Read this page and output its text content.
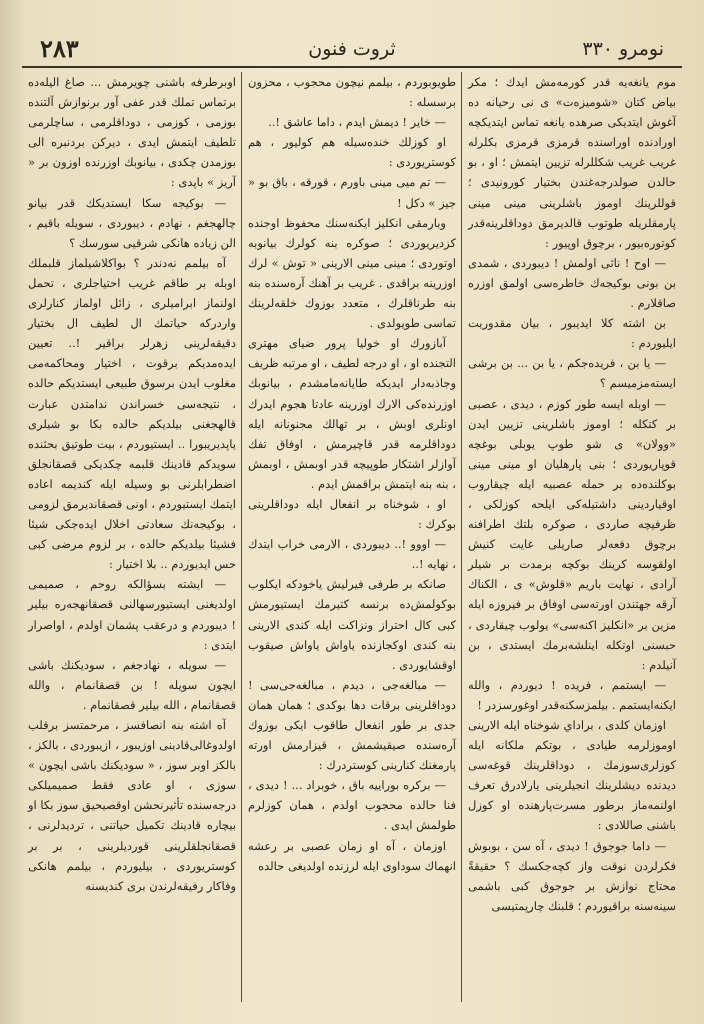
نومرو ٣٣٠
ثروت فنون
٢٨٣

موم یانغه‌یه قدر کورمه‌مش ایدك ؛ مکر بیاض کتان «شومیزه‌ت» ی نی رحیانه ده آغوش ایتدیکی صرهده یانغه تماس ایتدیکچه اورادنده اوراسنده قرمزی قرمزی بکلرله غریب غریب شکللرله تزیین ایتمش ؛ او ، بو حالدن صولدرجه‌غندن بختیار کورونیدی ؛ قوللرینك اوموز باشلرینی مینی مینی پارمقلریله طوتوب قالدیرمق دوداقلرینه‌قدر کوتوره‌بیور ، برچوق اوپیور :

— اوح ! ناثی اولمش ! دیبوردی ، شمدی بن بونی بوکیجه‌ك خاطره‌سی اولمق اوزره صاقلارم .

بن اشته کلا ایدیبور ، بیان مقدوریت ایلیوردم :

— یا بن ، فریده‌جکم ، یا بن ... بن برشی ایسته‌مزمیسم ؟

— اوبله ایسه طور کوزم ، دیدی ، عصبی بر کتکله ؛ اوموز باشلرینی تزیین ایدن «وولان» ی شو طوپ یوبلی بوغچه قوپاریوردی ؛ بنی پارهلیان او مینی مینی بوکلنده‌ده بر حمله عصبیه ایله چیقاروب اوقیاردینی داشتیله‌کی ایلحه کوزلکی ، ظرفیچه صاردی ، صوکره بلتك اطرافنه برچوق دفعه‌لر صاریلی غایت کنیش اولقوسه کرینك بوکچه برمدت بر شیلر آرادی ، نهایت باریم «قلوش» ی ، الکناك آرقه جهتندن اورته‌سی اوفاق بر فیروزه ایله مزین بر «انکلیز اکنه‌سی» یولوب چیقاردی ، حبسنی اوتکله اینلشه‌برمك ایستدی ، بن آنیلدم :

— ایستمم ، فریده ! دیوردم ، والله ایکنه‌ایستمم . بیلمزسکنه‌قدر اوغورسزدر !

اوزمان کلدی ، براداي شوخناه ایله الارینی اوموزلرمه طیادی ، بوتکم ملکانه ایله کوزلری‌سوزمك ، دوداقلرینك قوغه‌سی دیدنده دیشلرینك انجیلرینی یارلادرق تعرف اولنمه‌ماز برطور مسرت‌پارهنده او کوزل باشنی صاللادی :

— داما جوجوق ! دیدی ، آه سن ، بوبوش فکرلردن نوقت واز کچه‌جکسك ؟ حقیقةً محتاج نوازش بر جوجوق کبی باشمی سینه‌سنه براقیوردم ؛ قلبنك چارپمتیسی

طویوبوردم ، بیلمم نیچون محجوب ، محزون برسسله :

— خایر ! دیمش ایدم ، داما عاشق !..

او کوزلك خنده‌سیله هم کولیور ، هم کوستریوردی :

— تم میی مینی باورم ، قورقه ، باق بو « جیز » دکل !

وبارمقی انکلیز ایکنه‌سنك محفوظ اوجنده کزدیریوردی ؛ صوکره بنه کولرك بيانوبه اوتوردی ؛ مینی مینی الارینی « توش » لرك اوزرینه براقدی . غریب بر آهنك آره‌سنده بنه بنه طرناقلرك ، متعدد بوزوك خلقه‌لرینك تماسی طویولدی .

آبازورك او خولیا پرور ضیای مهتری التجنده او ، او درجه لطیف ، او مرتبه ظریف وجاذبه‌دار ایدیکه طایانه‌مامشدم ، بيانوبك اوزرنده‌کی الارك اوزرینه عادتا هجوم ایدرك اونلری اوبش ، بر تهالك مجنونانه ایله دوداقلرمه قدر قاچیرمش ، اوفاق تفك آوازلر اشتکار طوپیچه قدر اوبمش ، اوبمش ، بنه بنه ایتمش براقمش ایدم .

او ، شوخناه بر انفعال ایله دوداقلرینی بوکرك :

— اووو !.. دیبوردی ، الارمی خراب ایتدك ، نهایه !..

صانکه بر طرفی فیرلیش یاخودکه ایکلوب بوکولمش‌ده برنسه کتیرمك ایستیورمش کبی کال احتراز ونزاکت ایله کندی الارینی بنه کندی اوکجازنده یاواش یاواش صیقوب اوقشایوردی .

— مبالغه‌جی ، دیدم ، مبالغه‌جی‌سی ! دوداقلرینی برقات دها بوکدی ؛ همان همان جدی بر طور انفعال طاقوب ایکی بوزوك آره‌سنده صیقیشمش ، قیزارمش اورته پارمغنك کنارینی کوستردرك :

— برکره بوراییه باق ، خوبراد ... ! دیدی ، فنا حالده محجوب اولدم ، همان کوزلرم طولمش ایدی .

اوزمان ، آه او زمان عصبی بر رعشه انهماك سوداوی ایله لرزنده اولدیغی حالده

اوبرطرفه باشنی چویرمش ... صاغ الیله‌ده برتماس تملك قدر عفی آور برنوازش آلتنده بوزمی ، کوزمی ، دوداقلرمی ، ساچلرمی تلطیف ایتمش ایدی ، دیرکن بردنبره الی بوزمدن چکدی ، بیانوبك اوزرنده اوزون بر « آریز » باپدی :

— بوکیجه سکا ایستدیکك قدر بيانو چالهجغم ، نهادم ، دیبوردی ، سویله باقیم ، الن زیاده هانکی شرقیی سورسك ؟

آه بیلمم نه‌دندر ؟ بواکلاشیلماز قلبملك اوبله بر طاقم غریب احتیاجلری ، تحمل اولنماز ابرامیلری ، زائل اولماز کنارلری واردرکه حیاتمك ال لطیف ال بختیار دقیقه‌لرینی زهرلر براقیر !.. تعیین ایده‌مدیکم برقوت ، اختیار ومحاکمه‌می مغلوب ایدن برسوق طبیعی ایستدیکم حالده ، نتیجه‌سی خسراندن ندامتدن عبارت قالهجغنی بیلدیکم حالده بکا بو شیلری یاپدیریبورا .. ایستیوردم ، بیت طوتیق بحثنده سویدکم قادینك قلبمه چکدیکی قصقانجلق اضطرابلرنی بو وسیله ایله کندیمه اعاده ایتمك ایستیوردم ، اونی قصقاندیرمق لزومی ، بوکیجه‌نك سعادتی اخلال ایده‌جکی شیئا فشیئا بیلدیکم حالده ، بر لزوم مرضی کبی حس ایدیوردم .. بلا اختیار :

— ایشته بسؤالکه روحم ، صمیمی اولدیغنی ایستیورسهالنی قصقانهجه‌ره بیلیر ! دیبوردم و درعقب پشمان اولدم ، اواصرار ایتدی :

— سویله ، نهادجغم ، سودیکنك باشی ایچون سویله ! بن قصقانمام ، والله قصقانمام ، الله بیلیر قصقانمام .

آه اشته بنه انصافسز ، مرحمتسز برقلب اولدوغالی‌قادینی اوزیبور ، ازیبوردی ، بالکز ، بالکز اوبر سوز ، « سودیکنك باشی ایچون » سوزی ، او عادی فقط صمیمیلکی درجه‌سنده تأثیرنحشن اوقصیحیق سوز بکا او بیچاره قادینك تکمیل حیاتنی ، تردیدلرنی ، قصقانجلقلرینی قوردیلرینی ، بر بر کوستریوردی ، بیلیوردم ، بیلمم هانکی وفاکار رفیقه‌لرندن بری کندیسنه
